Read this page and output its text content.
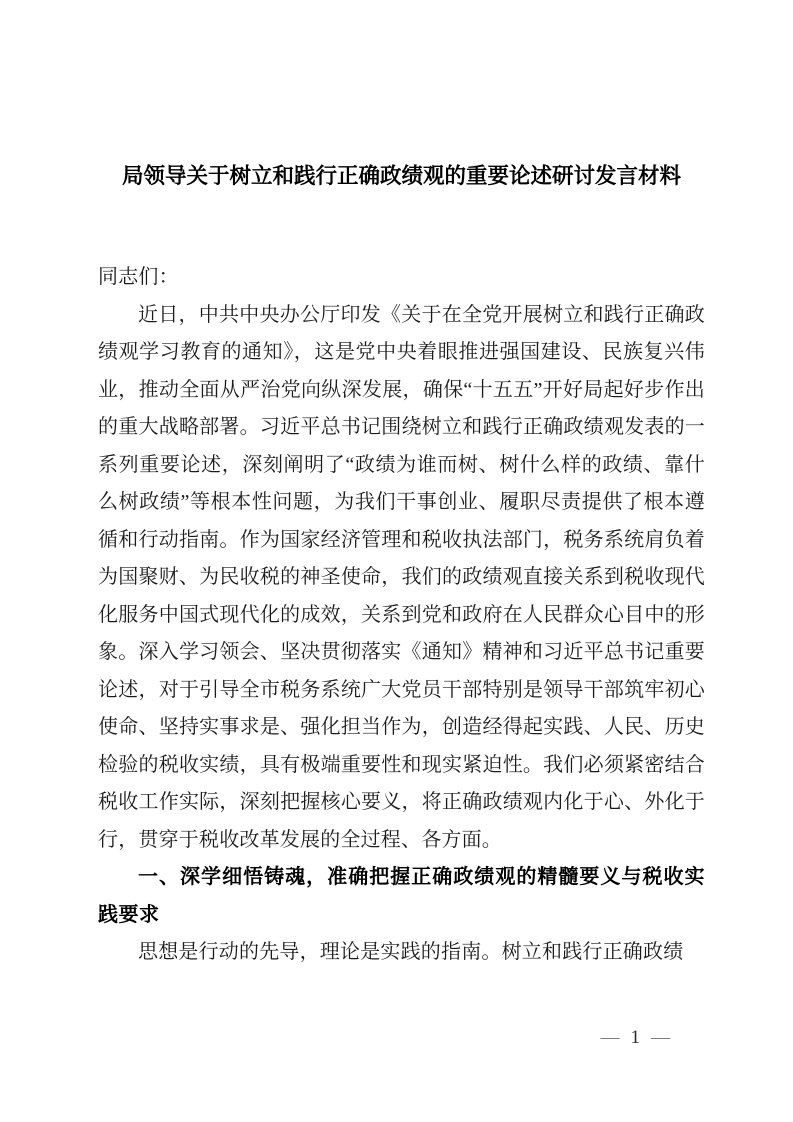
局领导关于树立和践行正确政绩观的重要论述研讨发言材料

同志们：

近日，中共中央办公厅印发《关于在全党开展树立和践行正确政绩观学习教育的通知》，这是党中央着眼推进强国建设、民族复兴伟业，推动全面从严治党向纵深发展，确保“十五五”开好局起好步作出的重大战略部署。习近平总书记围绕树立和践行正确政绩观发表的一系列重要论述，深刻阐明了“政绩为谁而树、树什么样的政绩、靠什么树政绩”等根本性问题，为我们干事创业、履职尽责提供了根本遵循和行动指南。作为国家经济管理和税收执法部门，税务系统肩负着为国聚财、为民收税的神圣使命，我们的政绩观直接关系到税收现代化服务中国式现代化的成效，关系到党和政府在人民群众心目中的形象。深入学习领会、坚决贯彻落实《通知》精神和习近平总书记重要论述，对于引导全市税务系统广大党员干部特别是领导干部筑牢初心使命、坚持实事求是、强化担当作为，创造经得起实践、人民、历史检验的税收实绩，具有极端重要性和现实紧迫性。我们必须紧密结合税收工作实际，深刻把握核心要义，将正确政绩观内化于心、外化于行，贯穿于税收改革发展的全过程、各方面。

一、深学细悟铸魂，准确把握正确政绩观的精髓要义与税收实践要求

思想是行动的先导，理论是实践的指南。树立和践行正确政绩

— 1 —
